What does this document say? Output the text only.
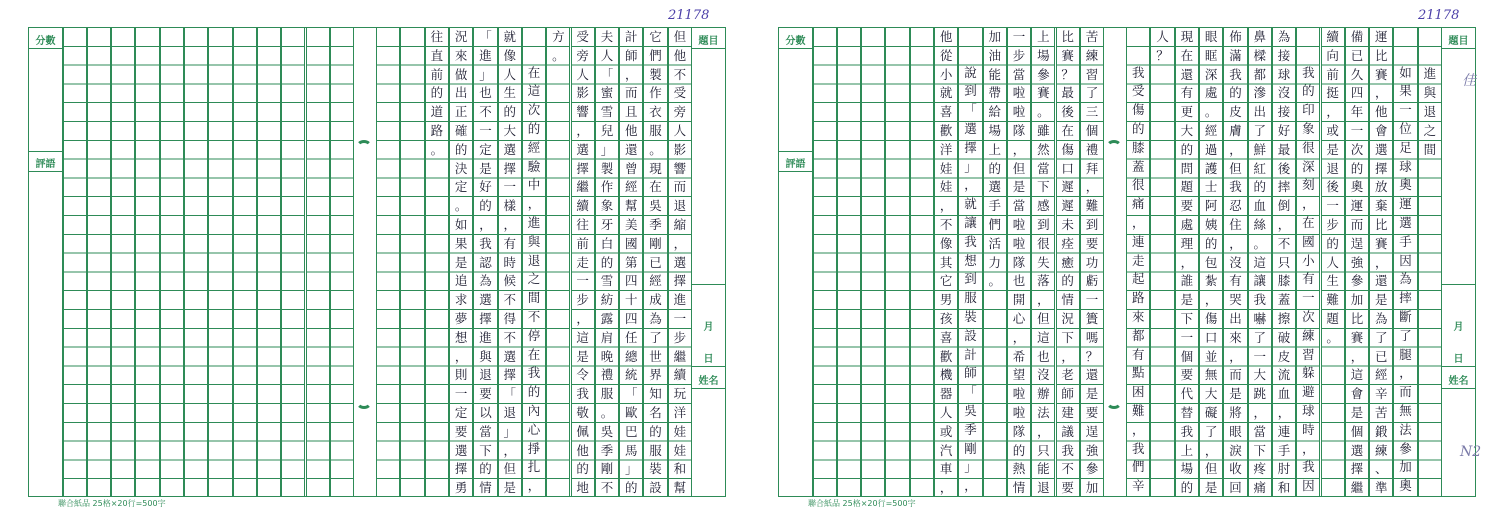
分數
評語
但
他
不
受
旁
人
影
響
而
退
縮
，
選
擇
進
一
步
繼
續
玩
洋
娃
娃
和
幫
它
們
製
作
衣
服
。
現
在
吳
季
剛
已
經
成
為
了
世
界
知
名
的
服
裝
設
計
師
，
而
且
他
還
曾
經
幫
美
國
第
四
十
四
任
總
統
「
歐
巴
馬
」
的
夫
人
「
蜜
雪
兒
」
製
作
象
牙
白
的
雪
紡
露
肩
晚
禮
服
。
吳
季
剛
不
受
旁
人
影
響
，
選
擇
繼
續
往
前
走
一
步
，
這
是
令
我
敬
佩
他
的
地
方
。
在
這
次
的
經
驗
中
，
進
與
退
之
間
不
停
在
我
的
內
心
掙
扎
，
就
像
人
生
的
大
選
擇
一
樣
，
有
時
候
不
得
不
選
擇
「
退
」
，
但
是
「
進
」
也
不
一
定
是
好
的
，
我
認
為
選
擇
進
與
退
要
以
當
下
的
情
況
來
做
出
正
確
的
決
定
。
如
果
是
追
求
夢
想
，
則
一
定
要
選
擇
勇
往
直
前
的
道
路
。
題目
月
日
姓名
21178
聯合紙品 25格×20行=500字
分數
評語
進
與
退
之
間
如
果
一
位
足
球
奧
運
選
手
因
為
摔
斷
了
腿
，
而
無
法
參
加
奧
運
比
賽
，
他
會
選
擇
放
棄
比
賽
，
還
是
為
了
已
經
辛
苦
鍛
練
、
準
備
已
久
四
年
一
次
的
奧
運
而
逞
強
參
加
比
賽
，
這
會
是
個
選
擇
繼
續
向
前
挺
，
或
是
退
後
一
步
的
人
生
難
題
。
我
的
印
象
很
深
刻
，
在
國
小
有
一
次
練
習
躲
避
球
時
，
我
因
為
接
球
沒
接
好
最
後
摔
倒
，
不
只
膝
蓋
擦
破
皮
流
血
，
連
手
肘
和
鼻
樑
都
滲
出
了
鮮
紅
的
血
絲
。
這
讓
我
嚇
了
一
大
跳
，
當
下
疼
痛
佈
滿
我
的
皮
膚
，
但
我
忍
住
，
沒
有
哭
出
來
，
而
是
將
眼
淚
收
回
眼
眶
深
處
。
經
過
護
士
阿
姨
的
包
紮
，
傷
口
並
無
大
礙
了
，
但
是
現
在
還
有
更
大
的
問
題
要
處
理
，
誰
是
下
一
個
要
代
替
我
上
場
的
人
？
我
受
傷
的
膝
蓋
很
痛
，
連
走
起
路
來
都
有
點
困
難
，
我
們
辛
苦
練
習
了
三
個
禮
拜
，
難
到
要
功
虧
一
簣
嗎
？
還
是
要
逞
強
參
加
比
賽
？
最
後
在
傷
口
遲
遲
未
痊
癒
的
情
況
下
，
老
師
建
議
我
不
要
上
場
參
賽
。
雖
然
當
下
感
到
很
失
落
，
但
這
也
沒
辦
法
，
只
能
退
一
步
當
啦
啦
隊
，
但
是
當
啦
啦
隊
也
開
心
，
希
望
啦
啦
隊
的
熱
情
加
油
能
帶
給
場
上
的
選
手
們
活
力
。
說
到
「
選
擇
」
，
就
讓
我
想
到
服
裝
設
計
師
「
吳
季
剛
」
，
他
從
小
就
喜
歡
洋
娃
娃
，
不
像
其
它
男
孩
喜
歡
機
器
人
或
汽
車
，
題目
月
日
姓名
21178
佳
N2
聯合紙品 25格×20行=500字
